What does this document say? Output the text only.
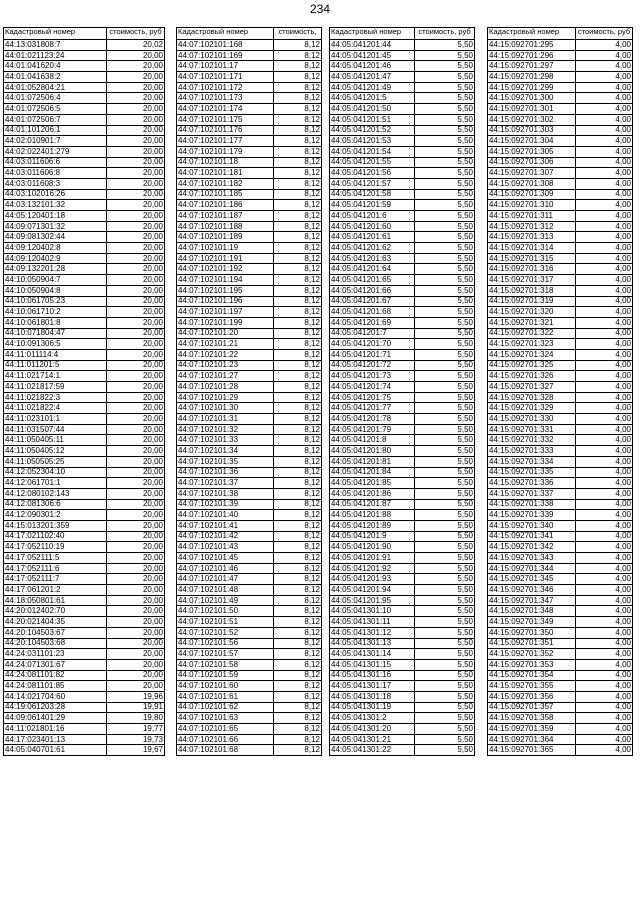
234
Кадастровый номер	стоимость, руб
44:13:031808:7	20,02
44:01:021123:24	20,00
44:01:041620:4	20,00
44:01:041638:2	20,00
44:01:052804:21	20,00
44:01:072506:4	20,00
44:01:072506:5	20,00
44:01:072506:7	20,00
44:01:101206:1	20,00
44:02:010901:7	20,00
44:02:022401:279	20,00
44:03:011606:6	20,00
44:03:011606:8	20,00
44:03:011608:3	20,00
44:03:102016:26	20,00
44:03:132101:32	20,00
44:05:120401:18	20,00
44:09:071301:32	20,00
44:09:081302:44	20,00
44:09:120402:8	20,00
44:09:120402:9	20,00
44:09:132201:28	20,00
44:10:050904:7	20,00
44:10:050904:8	20,00
44:10:061705:23	20,00
44:10:061710:2	20,00
44:10:061801:8	20,00
44:10:071804:47	20,00
44:10:091306:5	20,00
44:11:011114:4	20,00
44:11:011201:5	20,00
44:11:021714:1	20,00
44:11:021817:59	20,00
44:11:021822:3	20,00
44:11:021822:4	20,00
44:11:023101:1	20,00
44:11:031507:44	20,00
44:11:050405:11	20,00
44:11:050405:12	20,00
44:11:050505:25	20,00
44:12:052304:10	20,00
44:12:061701:1	20,00
44:12:080102:143	20,00
44:12:081306:6	20,00
44:12:090301:2	20,00
44:15:013201:359	20,00
44:17:021102:40	20,00
44:17:052110:19	20,00
44:17:052111:5	20,00
44:17:052111:6	20,00
44:17:052111:7	20,00
44:17:061201:2	20,00
44:18:050801:61	20,00
44:20:012402:70	20,00
44:20:021404:35	20,00
44:20:104503:67	20,00
44:20:104503:68	20,00
44:24:031101:23	20,00
44:24:071301:67	20,00
44:24:081101:82	20,00
44:24:081101:85	20,00
44:14:021704:60	19,96
44:19:061203:28	19,91
44:09:061401:29	19,80
44:11:021801:16	19,77
44:17:023401:13	19,73
44:05:040701:61	19,67
Кадастровый номер	стоимость,
44:07:102101:168	8,12
44:07:102101:169	8,12
44:07:102101:17	8,12
44:07:102101:171	8,12
44:07:102101:172	8,12
44:07:102101:173	8,12
44:07:102101:174	8,12
44:07:102101:175	8,12
44:07:102101:176	8,12
44:07:102101:177	8,12
44:07:102101:179	8,12
44:07:102101:18	8,12
44:07:102101:181	8,12
44:07:102101:182	8,12
44:07:102101:185	8,12
44:07:102101:186	8,12
44:07:102101:187	8,12
44:07:102101:188	8,12
44:07:102101:189	8,12
44:07:102101:19	8,12
44:07:102101:191	8,12
44:07:102101:192	8,12
44:07:102101:194	8,12
44:07:102101:195	8,12
44:07:102101:196	8,12
44:07:102101:197	8,12
44:07:102101:199	8,12
44:07:102101:20	8,12
44:07:102101:21	8,12
44:07:102101:22	8,12
44:07:102101:23	8,12
44:07:102101:27	8,12
44:07:102101:28	8,12
44:07:102101:29	8,12
44:07:102101:30	8,12
44:07:102101:31	8,12
44:07:102101:32	8,12
44:07:102101:33	8,12
44:07:102101:34	8,12
44:07:102101:35	8,12
44:07:102101:36	8,12
44:07:102101:37	8,12
44:07:102101:38	8,12
44:07:102101:39	8,12
44:07:102101:40	8,12
44:07:102101:41	8,12
44:07:102101:42	8,12
44:07:102101:43	8,12
44:07:102101:45	8,12
44:07:102101:46	8,12
44:07:102101:47	8,12
44:07:102101:48	8,12
44:07:102101:49	8,12
44:07:102101:50	8,12
44:07:102101:51	8,12
44:07:102101:52	8,12
44:07:102101:56	8,12
44:07:102101:57	8,12
44:07:102101:58	8,12
44:07:102101:59	8,12
44:07:102101:60	8,12
44:07:102101:61	8,12
44:07:102101:62	8,12
44:07:102101:63	8,12
44:07:102101:65	8,12
44:07:102101:66	8,12
44:07:102101:68	8,12
Кадастровый номер	стоимость, руб
44:05:041201:44	5,50
44:05:041201:45	5,50
44:05:041201:46	5,50
44:05:041201:47	5,50
44:05:041201:49	5,50
44:05:041201:5	5,50
44:05:041201:50	5,50
44:05:041201:51	5,50
44:05:041201:52	5,50
44:05:041201:53	5,50
44:05:041201:54	5,50
44:05:041201:55	5,50
44:05:041201:56	5,50
44:05:041201:57	5,50
44:05:041201:58	5,50
44:05:041201:59	5,50
44:05:041201:6	5,50
44:05:041201:60	5,50
44:05:041201:61	5,50
44:05:041201:62	5,50
44:05:041201:63	5,50
44:05:041201:64	5,50
44:05:041201:65	5,50
44:05:041201:66	5,50
44:05:041201:67	5,50
44:05:041201:68	5,50
44:05:041201:69	5,50
44:05:041201:7	5,50
44:05:041201:70	5,50
44:05:041201:71	5,50
44:05:041201:72	5,50
44:05:041201:73	5,50
44:05:041201:74	5,50
44:05:041201:75	5,50
44:05:041201:77	5,50
44:05:041201:78	5,50
44:05:041201:79	5,50
44:05:041201:8	5,50
44:05:041201:80	5,50
44:05:041201:81	5,50
44:05:041201:84	5,50
44:05:041201:85	5,50
44:05:041201:86	5,50
44:05:041201:87	5,50
44:05:041201:88	5,50
44:05:041201:89	5,50
44:05:041201:9	5,50
44:05:041201:90	5,50
44:05:041201:91	5,50
44:05:041201:92	5,50
44:05:041201:93	5,50
44:05:041201:94	5,50
44:05:041201:95	5,50
44:05:041301:10	5,50
44:05:041301:11	5,50
44:05:041301:12	5,50
44:05:041301:13	5,50
44:05:041301:14	5,50
44:05:041301:15	5,50
44:05:041301:16	5,50
44:05:041301:17	5,50
44:05:041301:18	5,50
44:05:041301:19	5,50
44:05:041301:2	5,50
44:05:041301:20	5,50
44:05:041301:21	5,50
44:05:041301:22	5,50
Кадастровый номер	стоимость, руб
44:15:092701:295	4,00
44:15:092701:296	4,00
44:15:092701:297	4,00
44:15:092701:298	4,00
44:15:092701:299	4,00
44:15:092701:300	4,00
44:15:092701:301	4,00
44:15:092701:302	4,00
44:15:092701:303	4,00
44:15:092701:304	4,00
44:15:092701:305	4,00
44:15:092701:306	4,00
44:15:092701:307	4,00
44:15:092701:308	4,00
44:15:092701:309	4,00
44:15:092701:310	4,00
44:15:092701:311	4,00
44:15:092701:312	4,00
44:15:092701:313	4,00
44:15:092701:314	4,00
44:15:092701:315	4,00
44:15:092701:316	4,00
44:15:092701:317	4,00
44:15:092701:318	4,00
44:15:092701:319	4,00
44:15:092701:320	4,00
44:15:092701:321	4,00
44:15:092701:322	4,00
44:15:092701:323	4,00
44:15:092701:324	4,00
44:15:092701:325	4,00
44:15:092701:326	4,00
44:15:092701:327	4,00
44:15:092701:328	4,00
44:15:092701:329	4,00
44:15:092701:330	4,00
44:15:092701:331	4,00
44:15:092701:332	4,00
44:15:092701:333	4,00
44:15:092701:334	4,00
44:15:092701:335	4,00
44:15:092701:336	4,00
44:15:092701:337	4,00
44:15:092701:338	4,00
44:15:092701:339	4,00
44:15:092701:340	4,00
44:15:092701:341	4,00
44:15:092701:342	4,00
44:15:092701:343	4,00
44:15:092701:344	4,00
44:15:092701:345	4,00
44:15:092701:346	4,00
44:15:092701:347	4,00
44:15:092701:348	4,00
44:15:092701:349	4,00
44:15:092701:350	4,00
44:15:092701:351	4,00
44:15:092701:352	4,00
44:15:092701:353	4,00
44:15:092701:354	4,00
44:15:092701:355	4,00
44:15:092701:356	4,00
44:15:092701:357	4,00
44:15:092701:358	4,00
44:15:092701:359	4,00
44:15:092701:364	4,00
44:15:092701:365	4,00
